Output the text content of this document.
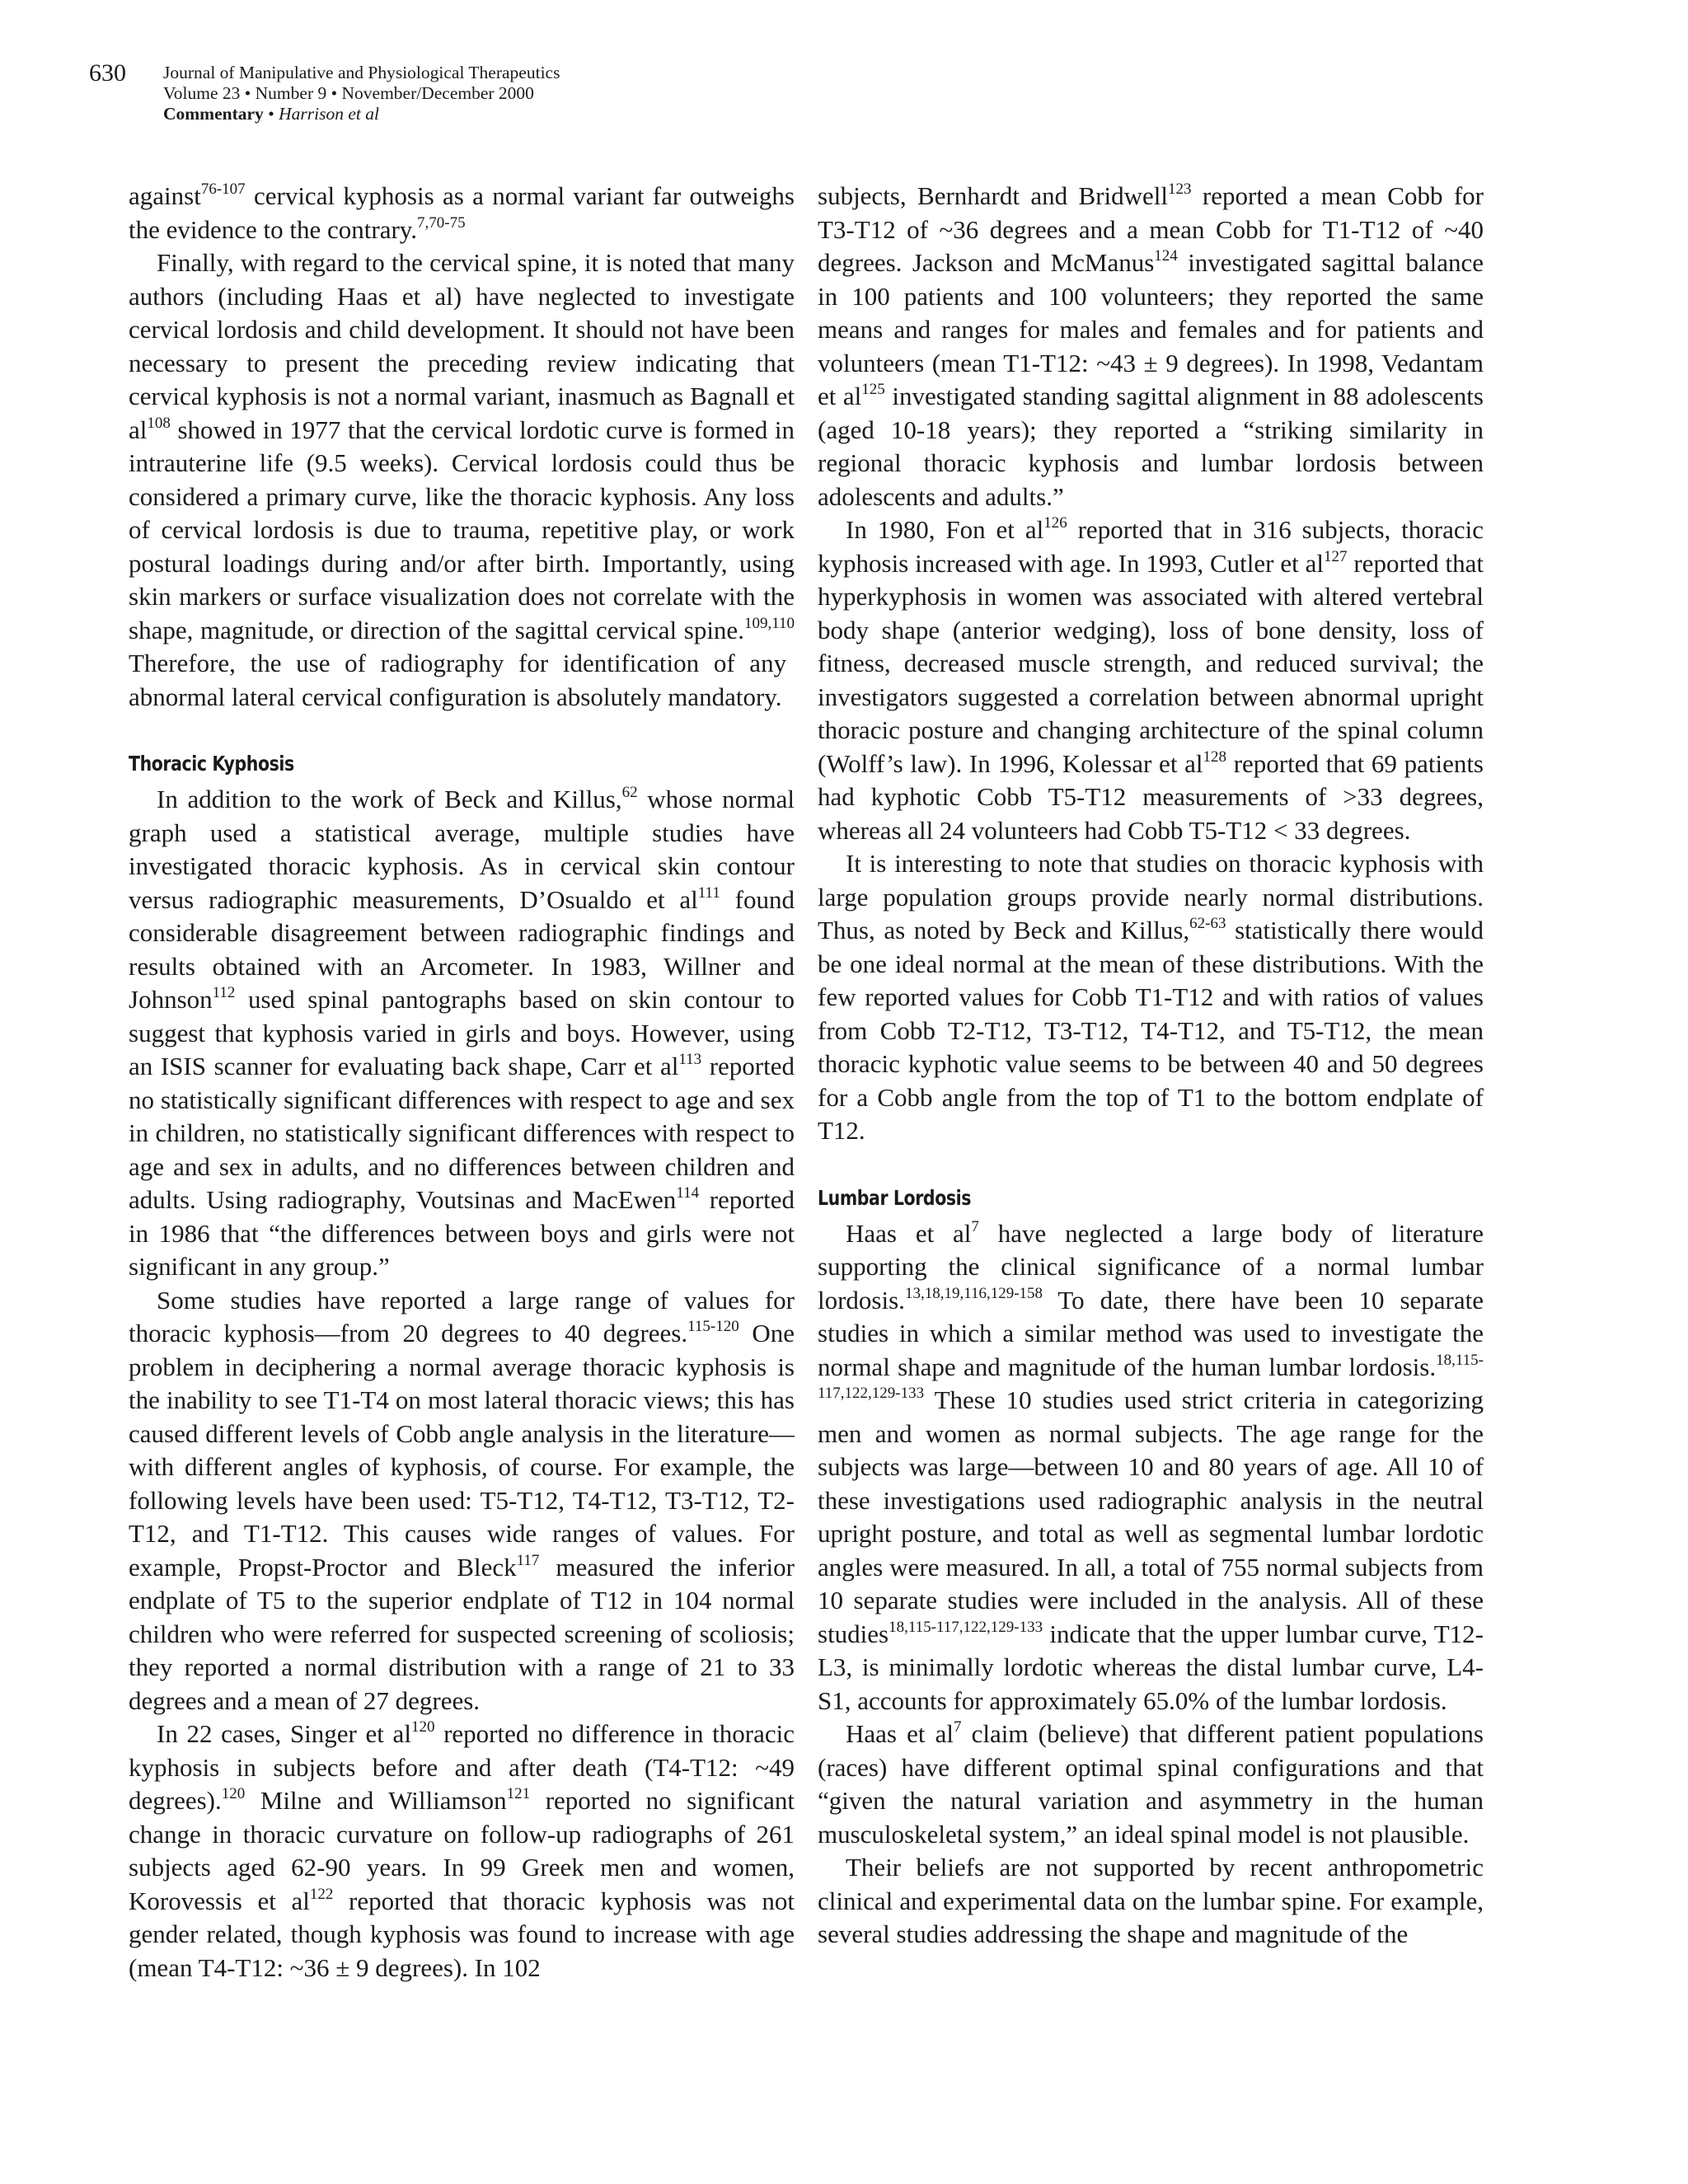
630 Journal of Manipulative and Physiological Therapeutics
Volume 23 • Number 9 • November/December 2000
Commentary • Harrison et al

against$^{76-107}$ cervical kyphosis as a normal variant far outweighs the evidence to the contrary.$^{7,70-75}$

Finally, with regard to the cervical spine, it is noted that many authors (including Haas et al) have neglected to investigate cervical lordosis and child development. It should not have been necessary to present the preceding review indicating that cervical kyphosis is not a normal variant, inasmuch as Bagnall et $al^{108}$ showed in 1977 that the cervical lordotic curve is formed in intrauterine life (9.5 weeks). Cervical lordosis could thus be considered a primary curve, like the thoracic kyphosis. Any loss of cervical lordosis is due to trauma, repetitive play, or work postural loadings during and/or after birth. Importantly, using skin markers or surface visualization does not correlate with the shape, magnitude, or direction of the sagittal cervical spine.$^{109,110}$ Therefore, the use of radiography for identification of any abnormal lateral cervical configuration is absolutely mandatory.

Thoracic Kyphosis

In addition to the work of Beck and Killus,$^{62}$ whose normal graph used a statistical average, multiple studies have investigated thoracic kyphosis. As in cervical skin contour versus radiographic measurements, D’Osualdo et $al^{111}$ found considerable disagreement between radiographic findings and results obtained with an Arcometer. In 1983, Willner and Johnson$^{112}$ used spinal pantographs based on skin contour to suggest that kyphosis varied in girls and boys. However, using an ISIS scanner for evaluating back shape, Carr et $al^{113}$ reported no statistically significant differences with respect to age and sex in children, no statistically significant differences with respect to age and sex in adults, and no differences between children and adults. Using radiography, Voutsinas and MacEwen$^{114}$ reported in 1986 that “the differences between boys and girls were not significant in any group.”

Some studies have reported a large range of values for thoracic kyphosis—from 20 degrees to 40 degrees.$^{115-120}$ One problem in deciphering a normal average thoracic kyphosis is the inability to see T1-T4 on most lateral thoracic views; this has caused different levels of Cobb angle analysis in the literature—with different angles of kyphosis, of course. For example, the following levels have been used: T5-T12, T4-T12, T3-T12, T2-T12, and T1-T12. This causes wide ranges of values. For example, Propst-Proctor and Bleck$^{117}$ measured the inferior endplate of T5 to the superior endplate of T12 in 104 normal children who were referred for suspected screening of scoliosis; they reported a normal distribution with a range of 21 to 33 degrees and a mean of 27 degrees.

In 22 cases, Singer et $al^{120}$ reported no difference in thoracic kyphosis in subjects before and after death (T4-T12: ~49 degrees).$^{120}$ Milne and Williamson$^{121}$ reported no significant change in thoracic curvature on follow-up radiographs of 261 subjects aged 62-90 years. In 99 Greek men and women, Korovessis et $al^{122}$ reported that thoracic kyphosis was not gender related, though kyphosis was found to increase with age (mean T4-T12: ~36 ± 9 degrees). In 102

subjects, Bernhardt and Bridwell$^{123}$ reported a mean Cobb for T3-T12 of ~36 degrees and a mean Cobb for T1-T12 of ~40 degrees. Jackson and McManus$^{124}$ investigated sagittal balance in 100 patients and 100 volunteers; they reported the same means and ranges for males and females and for patients and volunteers (mean T1-T12: ~43 ± 9 degrees). In 1998, Vedantam et $al^{125}$ investigated standing sagittal alignment in 88 adolescents (aged 10-18 years); they reported a “striking similarity in regional thoracic kyphosis and lumbar lordosis between adolescents and adults.”

In 1980, Fon et $al^{126}$ reported that in 316 subjects, thoracic kyphosis increased with age. In 1993, Cutler et $al^{127}$ reported that hyperkyphosis in women was associated with altered vertebral body shape (anterior wedging), loss of bone density, loss of fitness, decreased muscle strength, and reduced survival; the investigators suggested a correlation between abnormal upright thoracic posture and changing architecture of the spinal column (Wolff’s law). In 1996, Kolessar et $al^{128}$ reported that 69 patients had kyphotic Cobb T5-T12 measurements of >33 degrees, whereas all 24 volunteers had Cobb T5-T12 < 33 degrees.

It is interesting to note that studies on thoracic kyphosis with large population groups provide nearly normal distributions. Thus, as noted by Beck and Killus,$^{62-63}$ statistically there would be one ideal normal at the mean of these distributions. With the few reported values for Cobb T1-T12 and with ratios of values from Cobb T2-T12, T3-T12, T4-T12, and T5-T12, the mean thoracic kyphotic value seems to be between 40 and 50 degrees for a Cobb angle from the top of T1 to the bottom endplate of T12.

Lumbar Lordosis

Haas et $al^7$ have neglected a large body of literature supporting the clinical significance of a normal lumbar lordosis.$^{13,18,19,116,129-158}$ To date, there have been 10 separate studies in which a similar method was used to investigate the normal shape and magnitude of the human lumbar lordosis.$^{18,115-117,122,129-133}$ These 10 studies used strict criteria in categorizing men and women as normal subjects. The age range for the subjects was large—between 10 and 80 years of age. All 10 of these investigations used radiographic analysis in the neutral upright posture, and total as well as segmental lumbar lordotic angles were measured. In all, a total of 755 normal subjects from 10 separate studies were included in the analysis. All of these studies$^{18,115-117,122,129-133}$ indicate that the upper lumbar curve, T12-L3, is minimally lordotic whereas the distal lumbar curve, L4-S1, accounts for approximately 65.0% of the lumbar lordosis.

Haas et $al^7$ claim (believe) that different patient populations (races) have different optimal spinal configurations and that “given the natural variation and asymmetry in the human musculoskeletal system,” an ideal spinal model is not plausible.

Their beliefs are not supported by recent anthropometric clinical and experimental data on the lumbar spine. For example, several studies addressing the shape and magnitude of the
